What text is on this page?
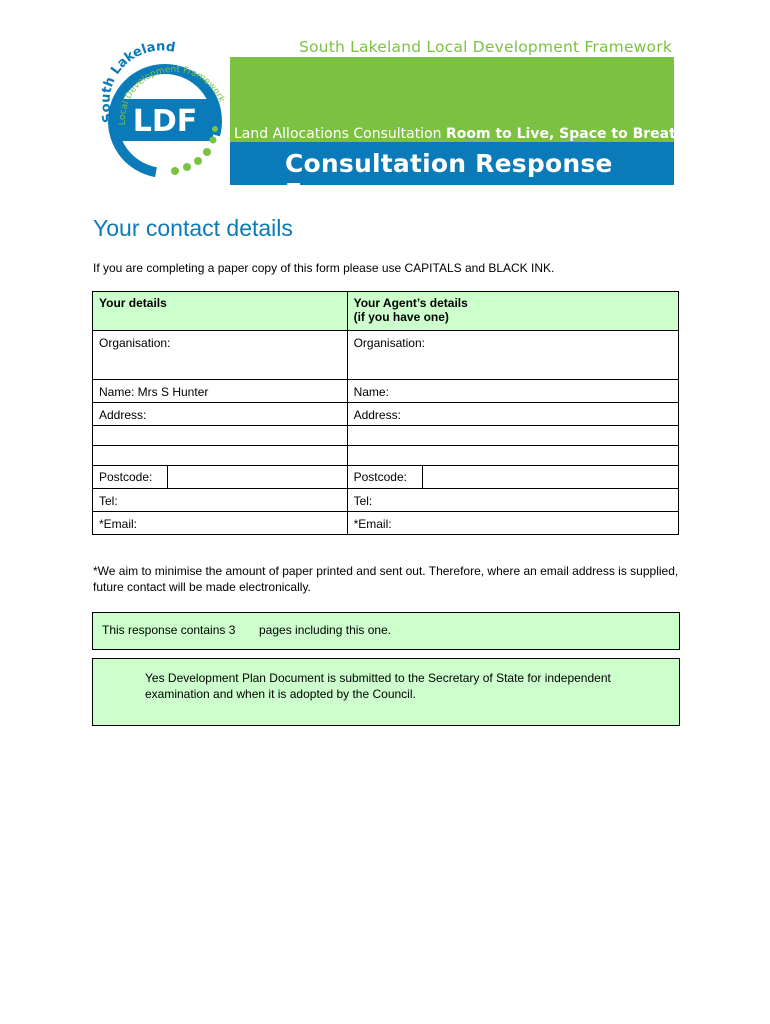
South Lakeland Local Development Framework
LDF
South Lakeland
Local Development Framework
Land Allocations Consultation Room to Live, Space to Breathe
Consultation Response Form
Your contact details
If you are completing a paper copy of this form please use CAPITALS and BLACK INK.
Your details	Your Agent’s details
(if you have one)
Organisation:	Organisation:
Name: Mrs S Hunter	Name:
Address:	Address:

Postcode:	Postcode:

Tel:	Tel:
*Email:	*Email:
*We aim to minimise the amount of paper printed and sent out. Therefore, where an email address is supplied, future contact will be made electronically.
This response contains 3 pages including this one.
Yes Development Plan Document is submitted to the Secretary of State for independent examination and when it is adopted by the Council.
